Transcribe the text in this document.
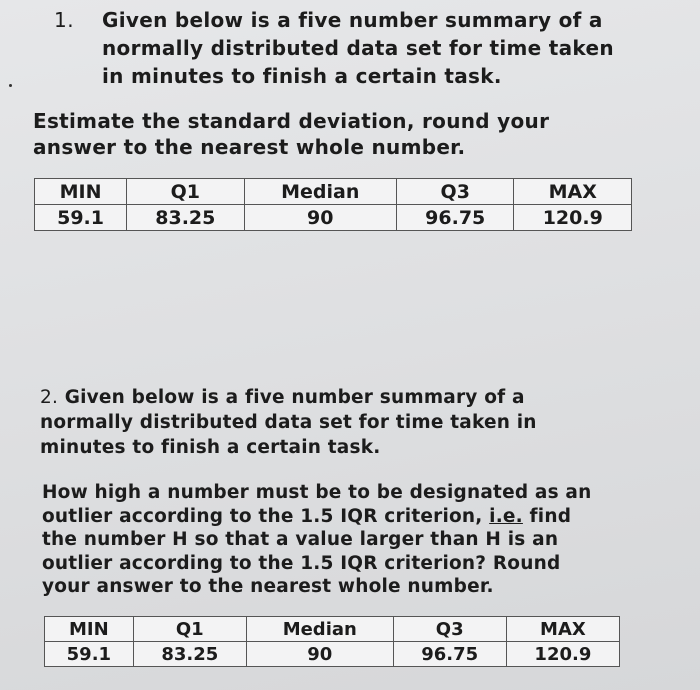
1. Given below is a five number summary of a
normally distributed data set for time taken
in minutes to finish a certain task.
Estimate the standard deviation, round your
answer to the nearest whole number.
MIN	Q1	Median	Q3	MAX
59.1	83.25	90	96.75	120.9
2. Given below is a five number summary of a
normally distributed data set for time taken in
minutes to finish a certain task.
How high a number must be to be designated as an
outlier according to the 1.5 IQR criterion, i.e. find
the number H so that a value larger than H is an
outlier according to the 1.5 IQR criterion? Round
your answer to the nearest whole number.
MIN	Q1	Median	Q3	MAX
59.1	83.25	90	96.75	120.9
